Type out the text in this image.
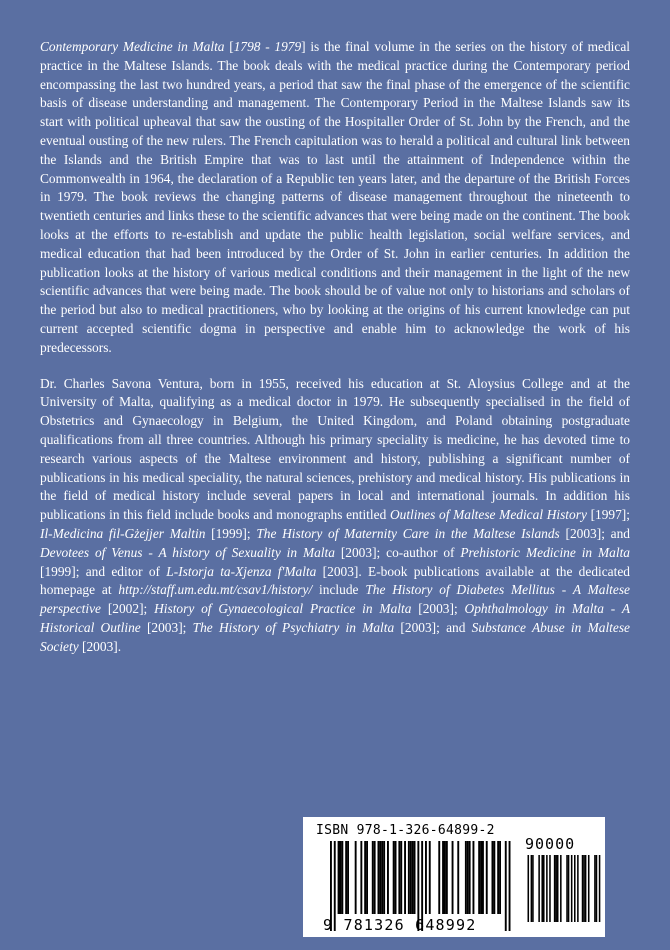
Contemporary Medicine in Malta [1798 - 1979] is the final volume in the series on the history of medical practice in the Maltese Islands. The book deals with the medical practice during the Contemporary period encompassing the last two hundred years, a period that saw the final phase of the emergence of the scientific basis of disease understanding and management. The Contemporary Period in the Maltese Islands saw its start with political upheaval that saw the ousting of the Hospitaller Order of St. John by the French, and the eventual ousting of the new rulers. The French capitulation was to herald a political and cultural link between the Islands and the British Empire that was to last until the attainment of Independence within the Commonwealth in 1964, the declaration of a Republic ten years later, and the departure of the British Forces in 1979. The book reviews the changing patterns of disease management throughout the nineteenth to twentieth centuries and links these to the scientific advances that were being made on the continent. The book looks at the efforts to re-establish and update the public health legislation, social welfare services, and medical education that had been introduced by the Order of St. John in earlier centuries. In addition the publication looks at the history of various medical conditions and their management in the light of the new scientific advances that were being made. The book should be of value not only to historians and scholars of the period but also to medical practitioners, who by looking at the origins of his current knowledge can put current accepted scientific dogma in perspective and enable him to acknowledge the work of his predecessors.

Dr. Charles Savona Ventura, born in 1955, received his education at St. Aloysius College and at the University of Malta, qualifying as a medical doctor in 1979. He subsequently specialised in the field of Obstetrics and Gynaecology in Belgium, the United Kingdom, and Poland obtaining postgraduate qualifications from all three countries. Although his primary speciality is medicine, he has devoted time to research various aspects of the Maltese environment and history, publishing a significant number of publications in his medical speciality, the natural sciences, prehistory and medical history. His publications in the field of medical history include several papers in local and international journals. In addition his publications in this field include books and monographs entitled Outlines of Maltese Medical History [1997]; Il-Medicina fil-Gżejjer Maltin [1999]; The History of Maternity Care in the Maltese Islands [2003]; and Devotees of Venus - A history of Sexuality in Malta [2003]; co-author of Prehistoric Medicine in Malta [1999]; and editor of L-Istorja ta-Xjenza f'Malta [2003]. E-book publications available at the dedicated homepage at http://staff.um.edu.mt/csav1/history/ include The History of Diabetes Mellitus - A Maltese perspective [2002]; History of Gynaecological Practice in Malta [2003]; Ophthalmology in Malta - A Historical Outline [2003]; The History of Psychiatry in Malta [2003]; and Substance Abuse in Maltese Society [2003].

ISBN 978-1-326-64899-2
9 781326 648992
90000
